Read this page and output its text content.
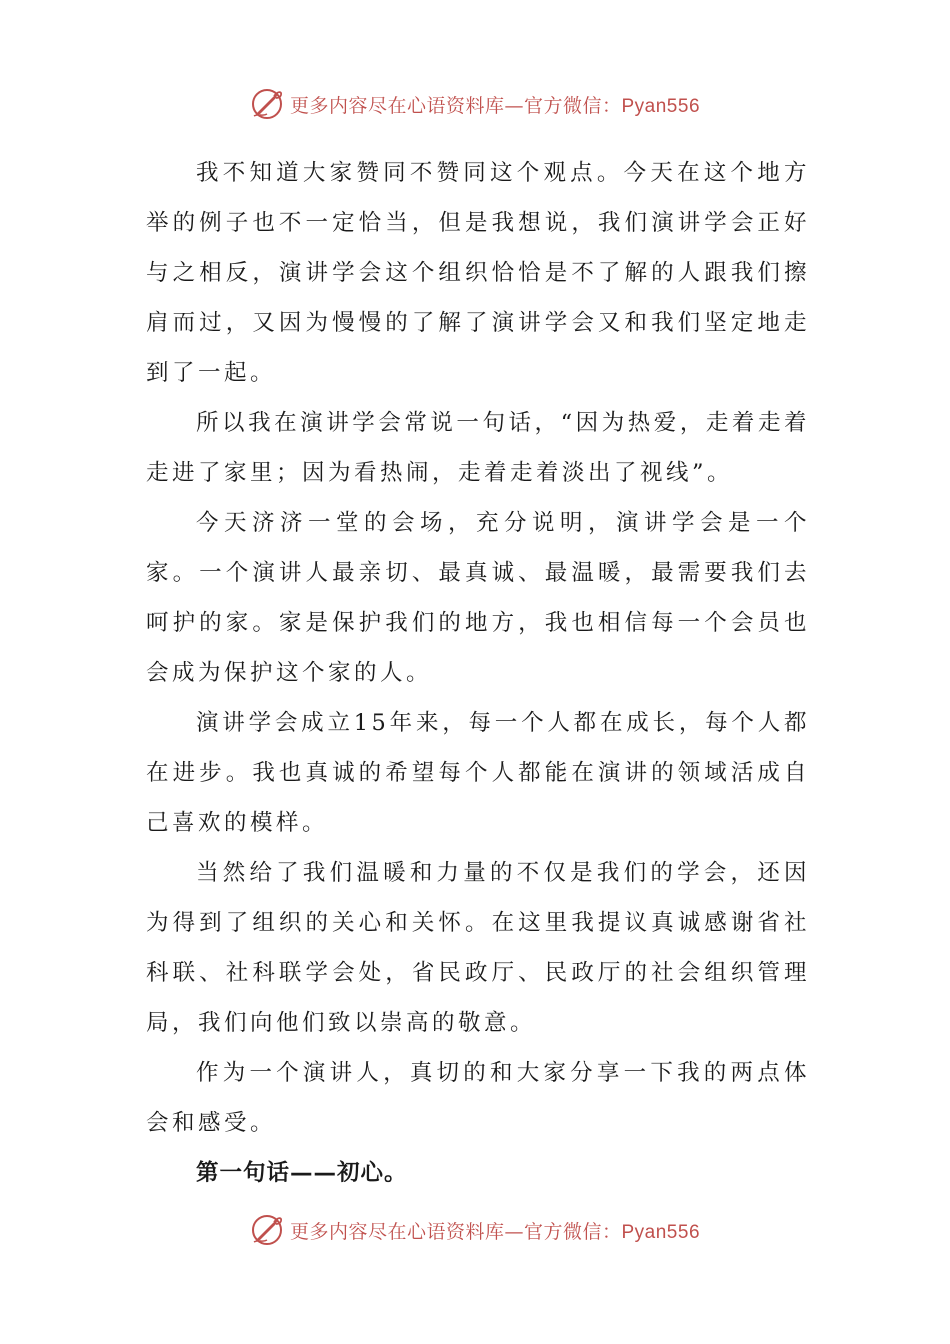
更多内容尽在心语资料库—官方微信：Pyan556

我不知道大家赞同不赞同这个观点。今天在这个地方举的例子也不一定恰当，但是我想说，我们演讲学会正好与之相反，演讲学会这个组织恰恰是不了解的人跟我们擦肩而过，又因为慢慢的了解了演讲学会又和我们坚定地走到了一起。

所以我在演讲学会常说一句话，“因为热爱，走着走着走进了家里；因为看热闹，走着走着淡出了视线”。

今天济济一堂的会场，充分说明，演讲学会是一个家。一个演讲人最亲切、最真诚、最温暖，最需要我们去呵护的家。家是保护我们的地方，我也相信每一个会员也会成为保护这个家的人。

演讲学会成立15年来，每一个人都在成长，每个人都在进步。我也真诚的希望每个人都能在演讲的领域活成自己喜欢的模样。

当然给了我们温暖和力量的不仅是我们的学会，还因为得到了组织的关心和关怀。在这里我提议真诚感谢省社科联、社科联学会处，省民政厅、民政厅的社会组织管理局，我们向他们致以崇高的敬意。

作为一个演讲人，真切的和大家分享一下我的两点体会和感受。

第一句话——初心。

更多内容尽在心语资料库—官方微信：Pyan556
